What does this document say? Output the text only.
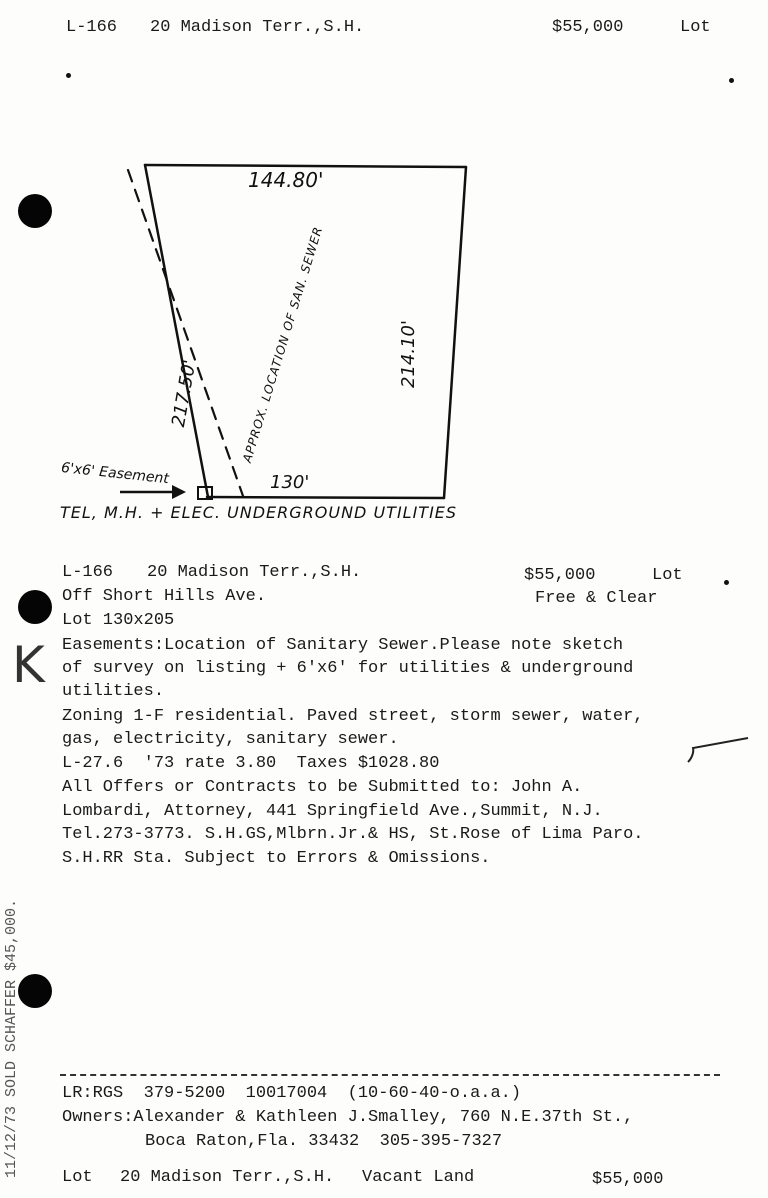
L-166 20 Madison Terr.,S.H.	$55,000	Lot
144.80'
214.10'
217.50'
130'
APPROX. LOCATION OF SAN. SEWER
6'x6' Easement
TEL, M.H. + ELEC. UNDERGROUND UTILITIES
L-166 20 Madison Terr.,S.H.	$55,000	Lot
Off Short Hills Ave.	Free & Clear
Lot 130x205
Easements:Location of Sanitary Sewer.Please note sketch
of survey on listing + 6'x6' for utilities & underground
utilities.
Zoning 1-F residential. Paved street, storm sewer, water,
gas, electricity, sanitary sewer.
L-27.6  '73 rate 3.80  Taxes $1028.80
All Offers or Contracts to be Submitted to: John A.
Lombardi, Attorney, 441 Springfield Ave.,Summit, N.J.
Tel.273-3773. S.H.GS,Mlbrn.Jr.& HS, St.Rose of Lima Paro.
S.H.RR Sta. Subject to Errors & Omissions.
K
11/12/73 SOLD SCHAFFER $45,000. LR:RGS  379-5200  10017004  (10-60-40-o.a.a.)
Owners:Alexander & Kathleen J.Smalley, 760 N.E.37th St.,
Boca Raton,Fla. 33432  305-395-7327
Lot 20 Madison Terr.,S.H. Vacant Land	$55,000
